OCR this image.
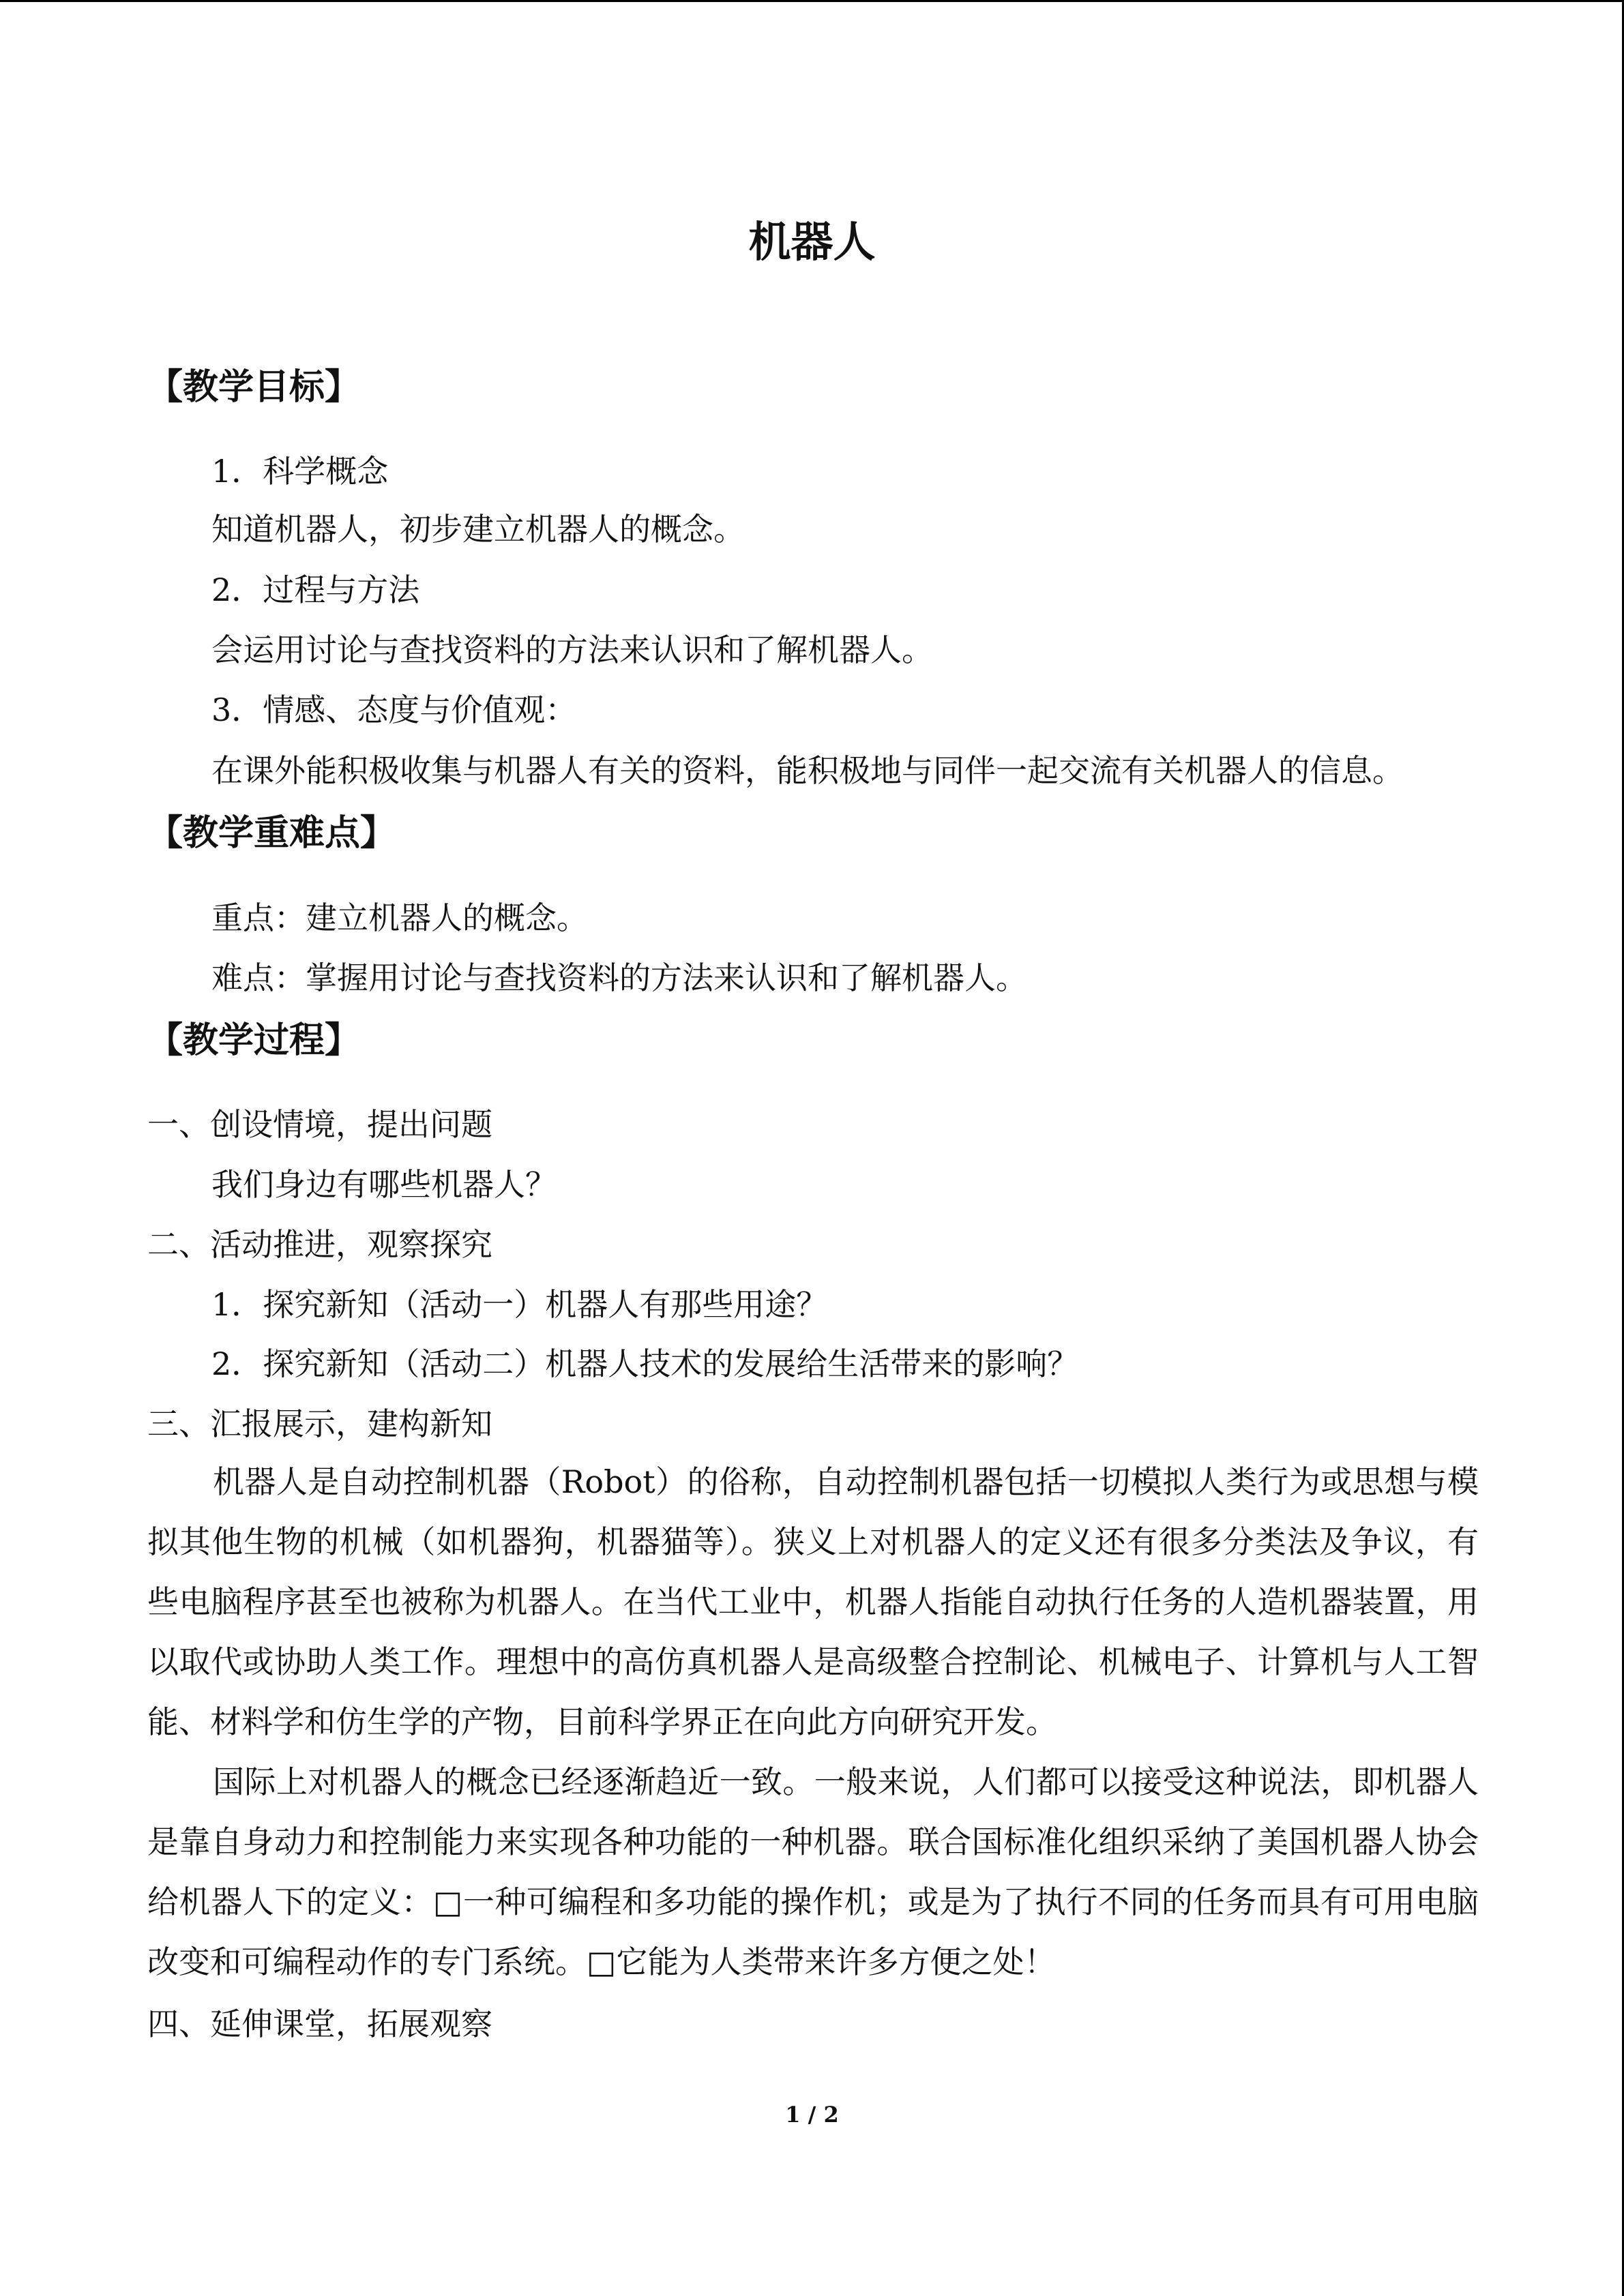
机器人
【教学目标】

1．科学概念

知道机器人，初步建立机器人的概念。

2．过程与方法

会运用讨论与查找资料的方法来认识和了解机器人。

3．情感、态度与价值观：

在课外能积极收集与机器人有关的资料，能积极地与同伴一起交流有关机器人的信息。

【教学重难点】

重点：建立机器人的概念。

难点：掌握用讨论与查找资料的方法来认识和了解机器人。

【教学过程】

一、创设情境，提出问题

我们身边有哪些机器人？

二、活动推进，观察探究

1．探究新知（活动一）机器人有那些用途？

2．探究新知（活动二）机器人技术的发展给生活带来的影响？

三、汇报展示，建构新知

机器人是自动控制机器（Robot）的俗称，自动控制机器包括一切模拟人类行为或思想与模拟其他生物的机械（如机器狗，机器猫等）。狭义上对机器人的定义还有很多分类法及争议，有些电脑程序甚至也被称为机器人。在当代工业中，机器人指能自动执行任务的人造机器装置，用以取代或协助人类工作。理想中的高仿真机器人是高级整合控制论、机械电子、计算机与人工智能、材料学和仿生学的产物，目前科学界正在向此方向研究开发。

国际上对机器人的概念已经逐渐趋近一致。一般来说，人们都可以接受这种说法，即机器人是靠自身动力和控制能力来实现各种功能的一种机器。联合国标准化组织采纳了美国机器人协会给机器人下的定义：□一种可编程和多功能的操作机；或是为了执行不同的任务而具有可用电脑改变和可编程动作的专门系统。□它能为人类带来许多方便之处！

四、延伸课堂，拓展观察

1 / 2
